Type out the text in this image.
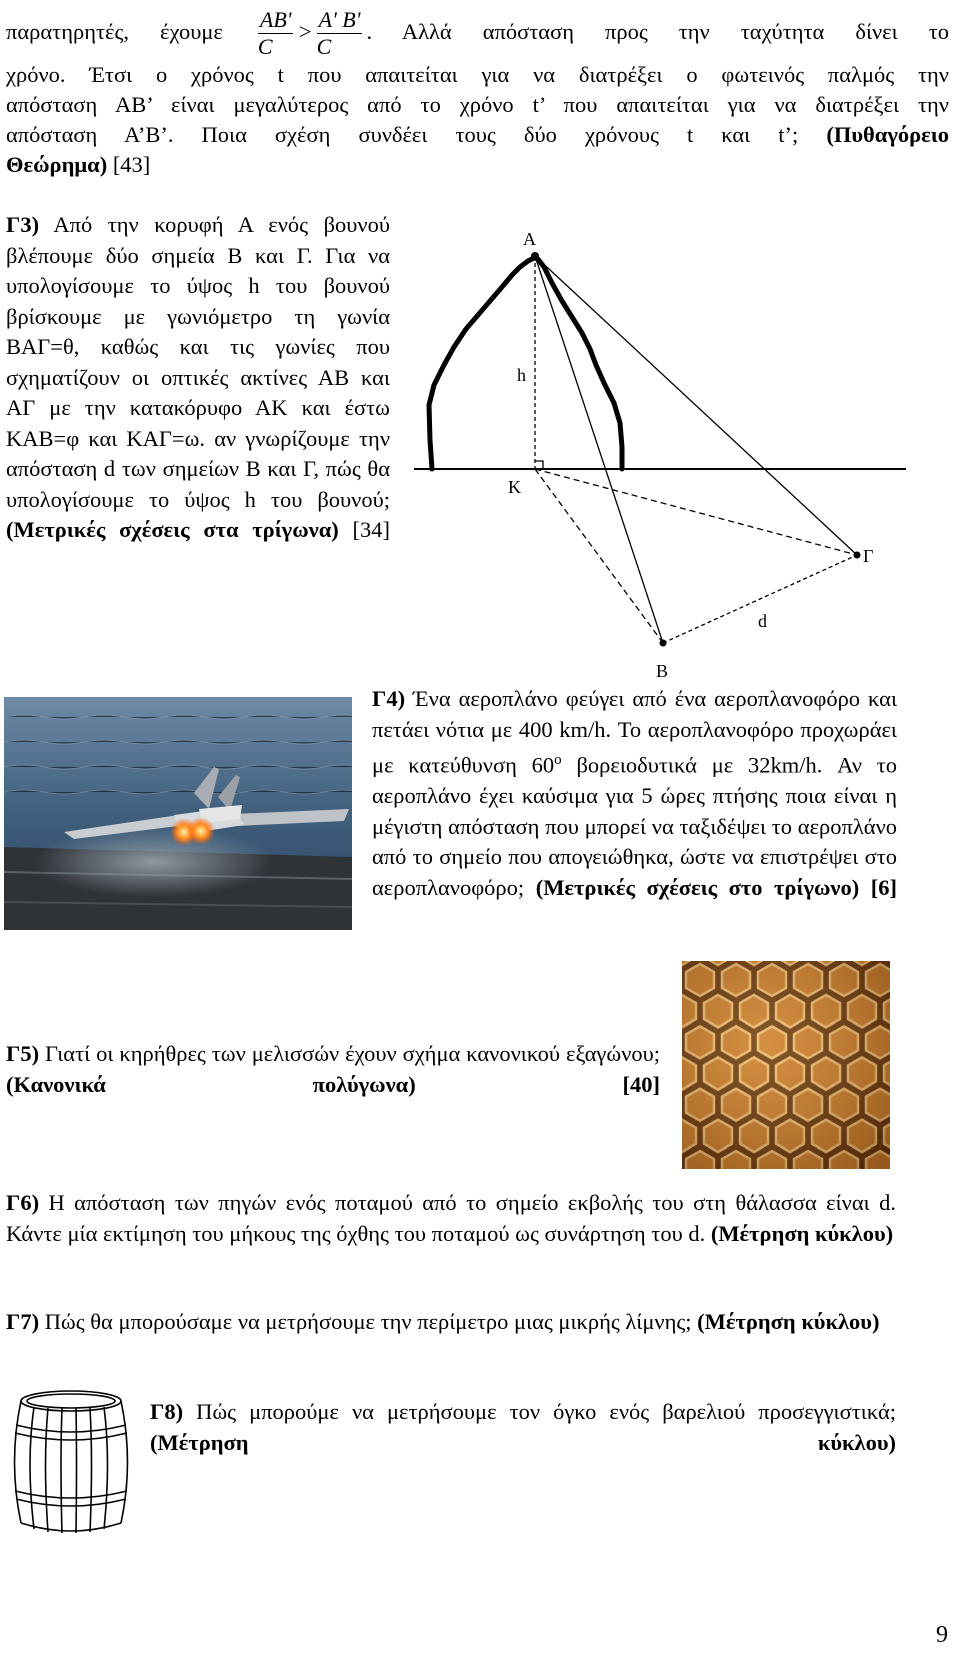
παρατηρητές, έχουμε $\frac{AB'}{C} > \frac{A' B'}{C}$ . Αλλά απόσταση προς την ταχύτητα δίνει το
χρόνο. Έτσι ο χρόνος t που απαιτείται για να διατρέξει ο φωτεινός παλμός την
απόσταση ΑΒ’ είναι μεγαλύτερος από το χρόνο t’ που απαιτείται για να διατρέξει την
απόσταση Α’Β’. Ποια σχέση συνδέει τους δύο χρόνους t και t’; (Πυθαγόρειο
Θεώρημα) [43]
Γ3) Από την κορυφή Α ενός βουνού βλέπουμε δύο σημεία Β και Γ. Για να υπολογίσουμε το ύψος h του βουνού βρίσκουμε με γωνιόμετρο τη γωνία ΒΑΓ=θ, καθώς και τις γωνίες που σχηματίζουν οι οπτικές ακτίνες ΑΒ και ΑΓ με την κατακόρυφο ΑΚ και έστω ΚΑΒ=φ και ΚΑΓ=ω. αν γνωρίζουμε την απόσταση d των σημείων Β και Γ, πώς θα υπολογίσουμε το ύψος h του βουνού; (Μετρικές σχέσεις στα τρίγωνα) [34]
A
h
K
Γ
d
B
Γ4) Ένα αεροπλάνο φεύγει από ένα αεροπλανοφόρο και πετάει νότια με 400 km/h. Το αεροπλανοφόρο προχωράει με κατεύθυνση $60^o$ βορειοδυτικά με 32km/h. Αν το αεροπλάνο έχει καύσιμα για 5 ώρες πτήσης ποια είναι η μέγιστη απόσταση που μπορεί να ταξιδέψει το αεροπλάνο από το σημείο που απογειώθηκα, ώστε να επιστρέψει στο αεροπλανοφόρο; (Μετρικές σχέσεις στο τρίγωνο) [6]
Γ5) Γιατί οι κηρήθρες των μελισσών έχουν σχήμα κανονικού εξαγώνου; (Κανονικά πολύγωνα)	[40]
Γ6) Η απόσταση των πηγών ενός ποταμού από το σημείο εκβολής του στη θάλασσα είναι d. Κάντε μία εκτίμηση του μήκους της όχθης του ποταμού ως συνάρτηση του d. (Μέτρηση κύκλου)
Γ7) Πώς θα μπορούσαμε να μετρήσουμε την περίμετρο μιας μικρής λίμνης; (Μέτρηση κύκλου)
Γ8) Πώς μπορούμε να μετρήσουμε τον όγκο ενός βαρελιού προσεγγιστικά; (Μέτρηση κύκλου)
9
